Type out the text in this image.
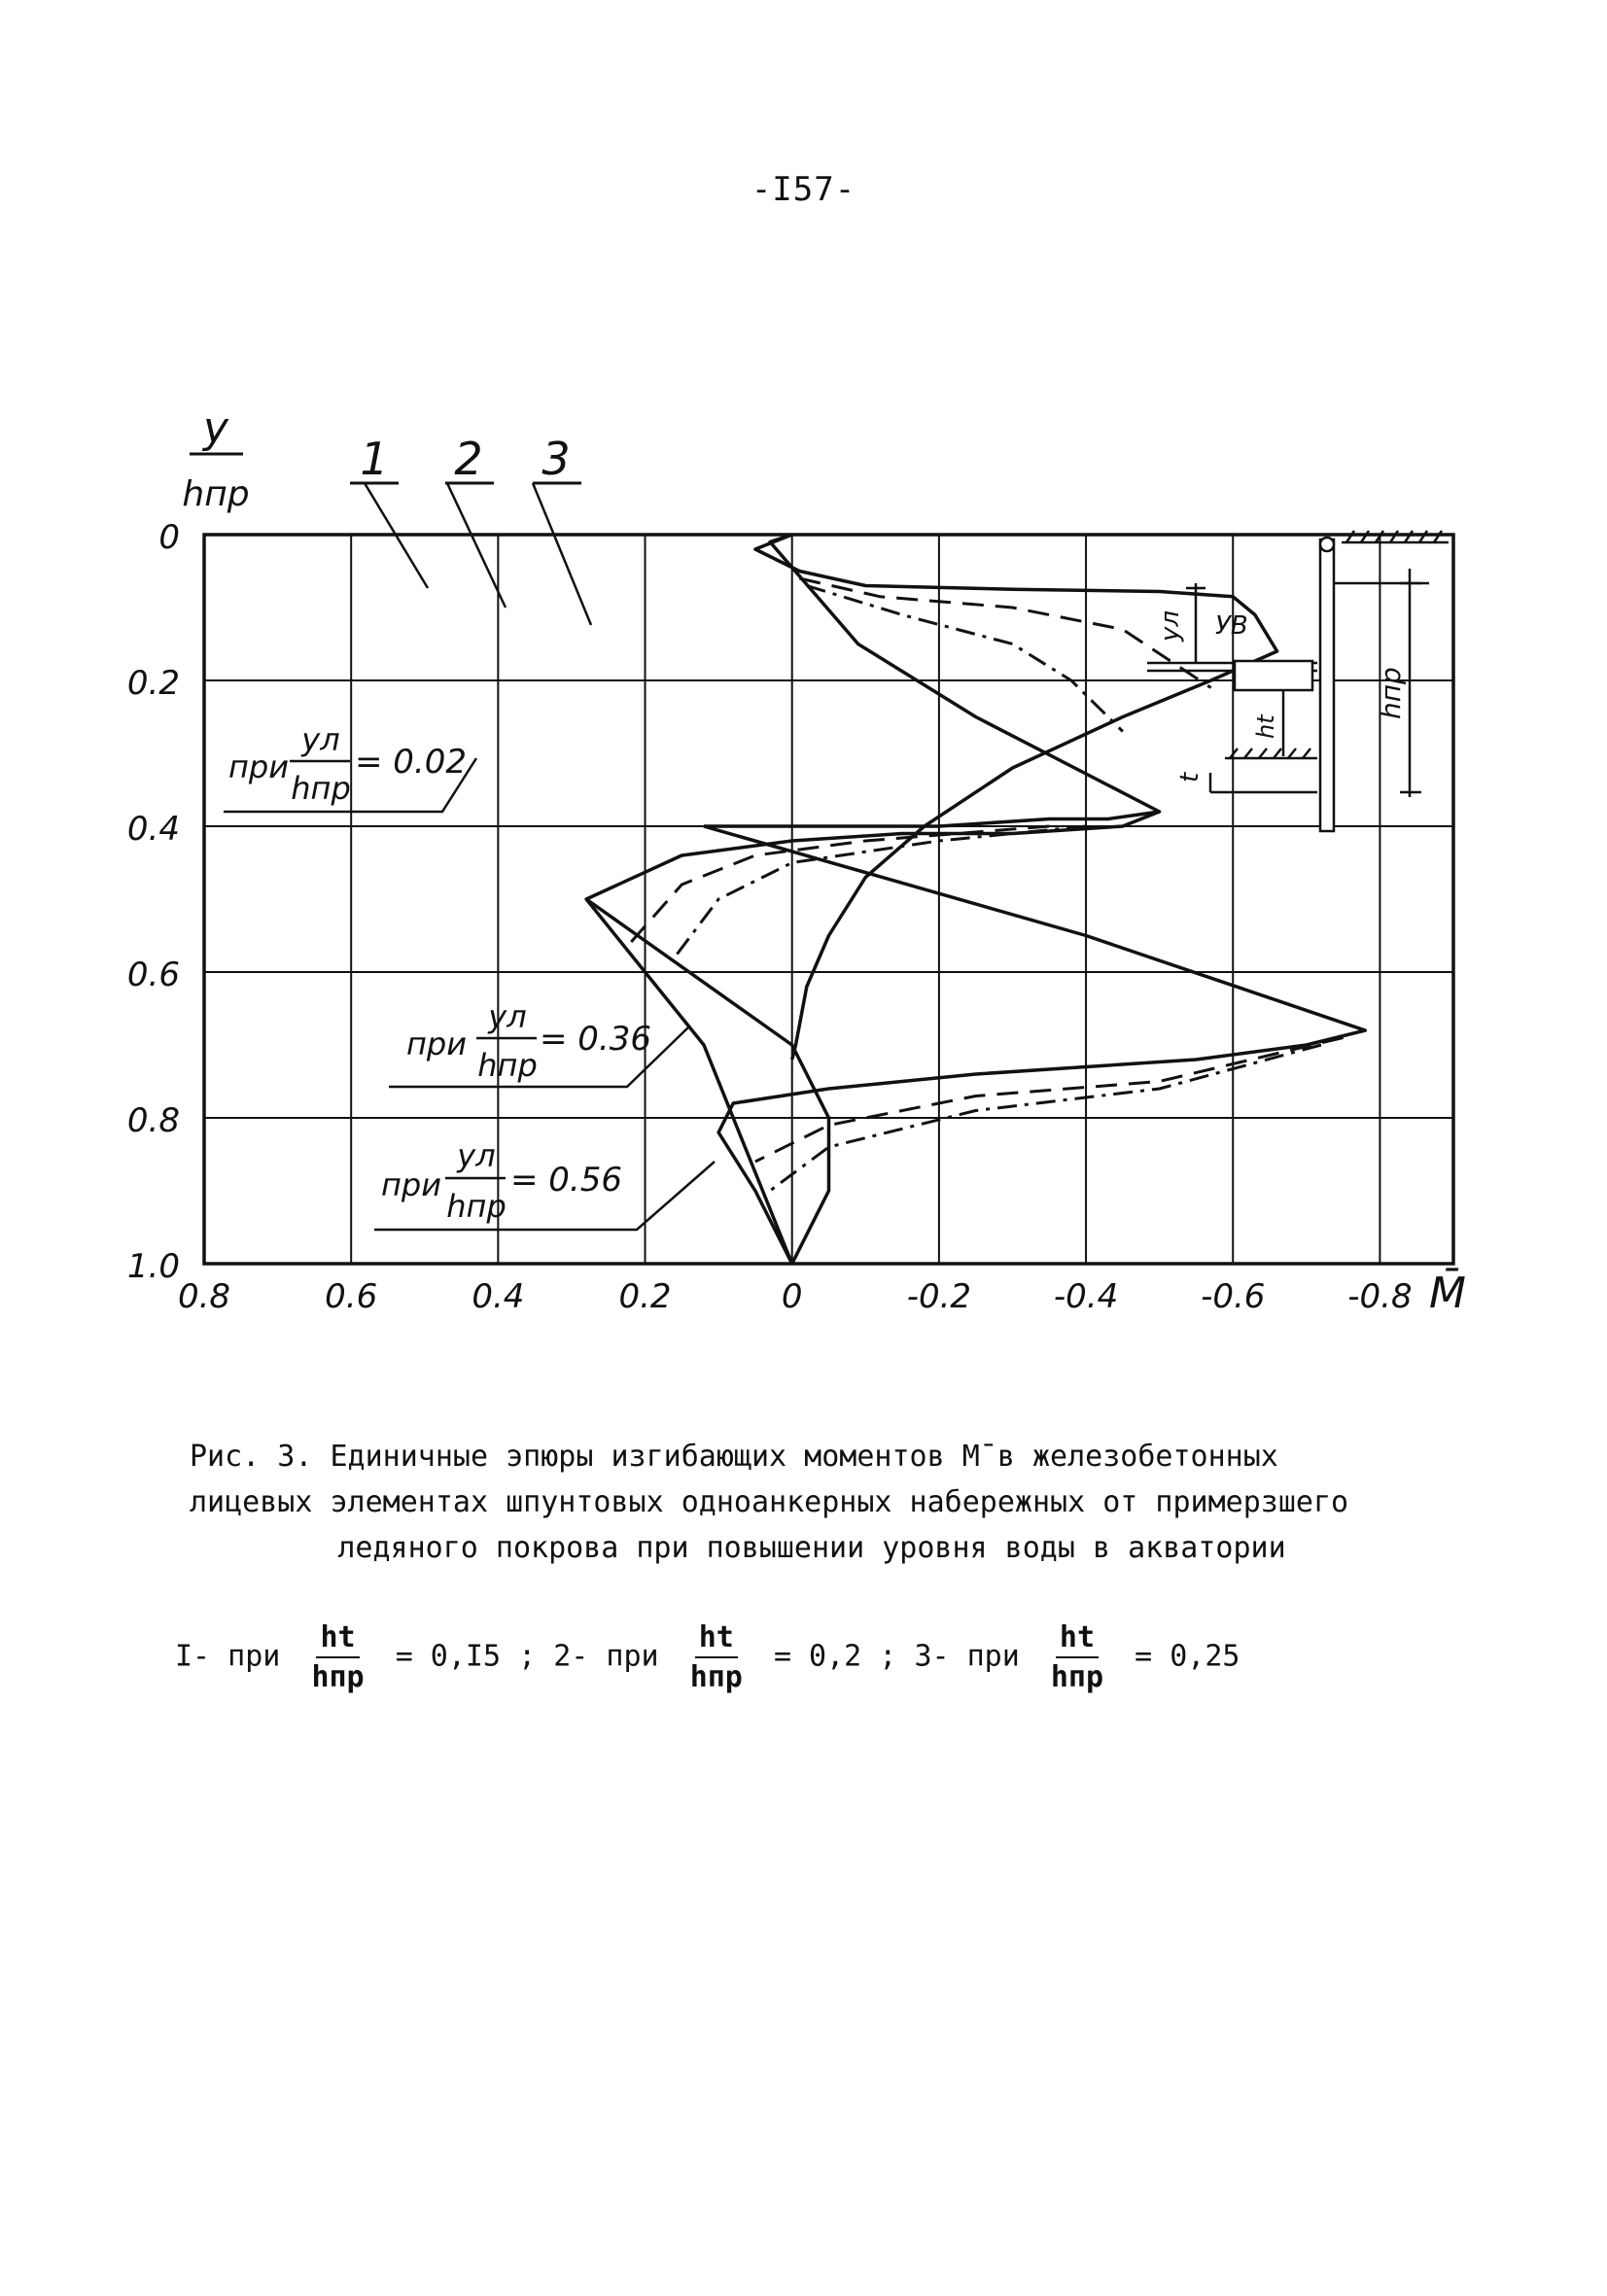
-I57-
0.8	0.6	0.4	0.2	0	-0.2 -0.4 -0.6 -0.8
0
0.2
0.4
0.6
0.8
1.0
y
hпр
M̄
1 2 3
при
yл
hпр
= 0.02
при
yл
hпр
= 0.36
при
yл
hпр
= 0.56
yл УВ
ht
hпр
t
Рис. 3. Единичные эпюры изгибающих моментов М̄ в железобетонных
лицевых элементах шпунтовых одноанкерных набережных от примерзшего
ледяного покрова при повышении уровня воды в акватории
I- при $\frac{ht}{\text{hпр}} = 0,I5$ ;
2- при $\frac{ht}{\text{hпр}} = 0,2$ ;
3- при $\frac{ht}{\text{hпр}} = 0,25$
